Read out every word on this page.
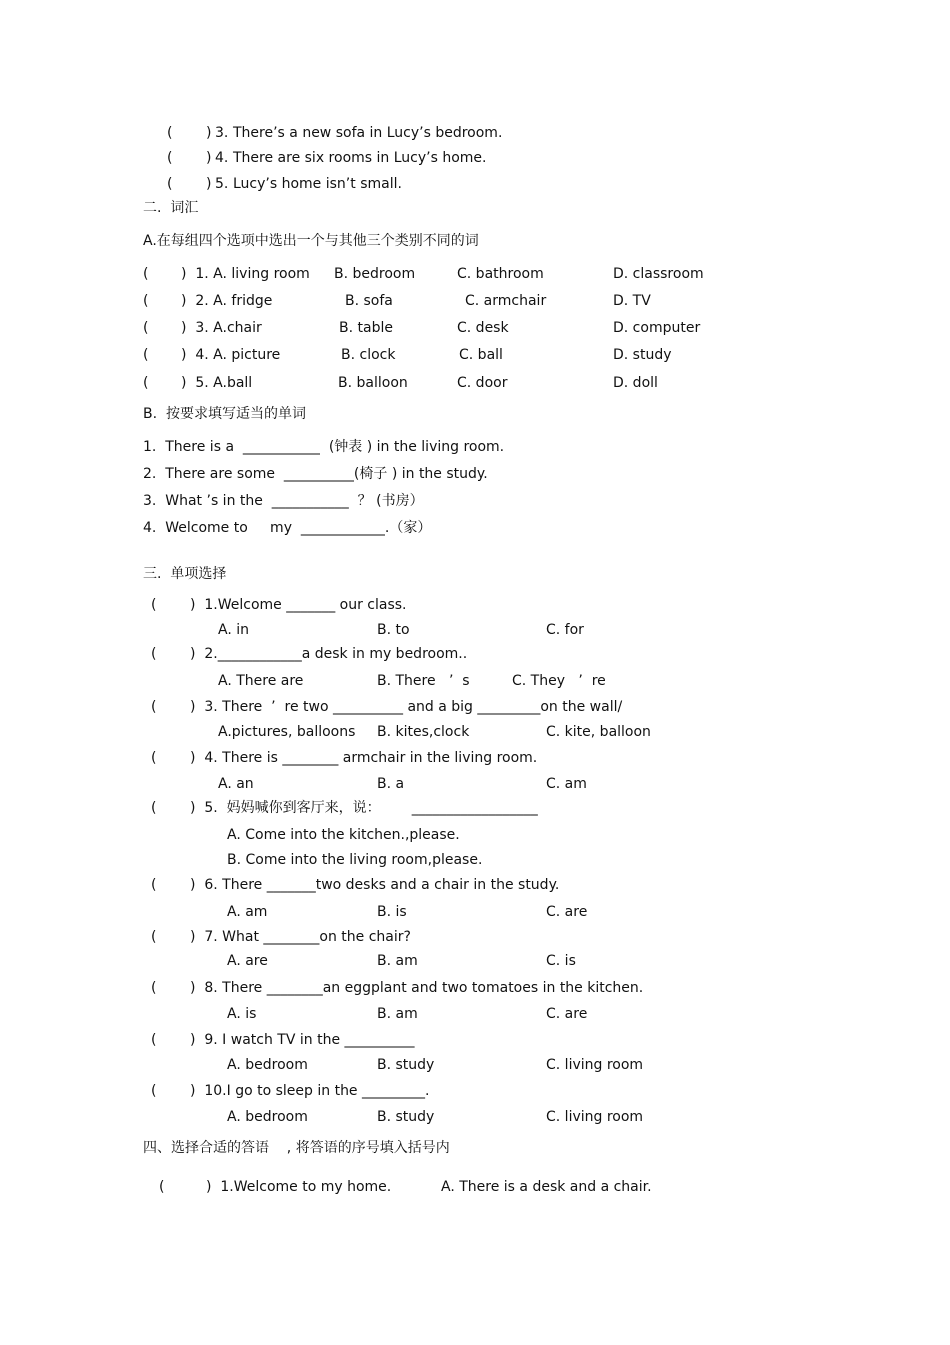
( ) 3. There’s a new sofa in Lucy’s bedroom.
( ) 4. There are six rooms in Lucy’s home.
( ) 5. Lucy’s home isn’t small.
二.  词汇
A.在每组四个选项中选出一个与其他三个类别不同的词
( )  1. A. living room B. bedroom	C. bathroom	D. classroom
( )  2. A. fridge	B. sofa	C. armchair	D. TV
( )  3. A.chair	B. table	C. desk	D. computer
( )  4. A. picture	B. clock	C. ball	D. study
( )  5. A.ball	B. balloon	C. door	D. doll
B.  按要求填写适当的单词
1.  There is a  ___________  (钟表 ) in the living room.
2.  There are some  __________(椅子 ) in the study.
3.  What ’s in the  ___________  ？ (书房）
4.  Welcome to     my  ____________.（家）
三.  单项选择
( )  1.Welcome _______ our class.
A. in	B. to	C. for
( )  2.____________a desk in my bedroom..
A. There are	B. There   ’  s	C. They   ’  re
( )  3. There  ’  re two __________ and a big _________on the wall/
A.pictures, balloons B. kites,clock	C. kite, balloon
( )  4. There is ________ armchair in the living room.
A. an	B. a	C. am
( )  5.  妈妈喊你到客厅来，说：       __________________
A. Come into the kitchen.,please.
B. Come into the living room,please.
( )  6. There _______two desks and a chair in the study.
A. am	B. is	C. are
( )  7. What ________on the chair?
A. are	B. am	C. is
( )  8. There ________an eggplant and two tomatoes in the kitchen.
A. is	B. am	C. are
( )  9. I watch TV in the __________
A. bedroom	B. study	C. living room
( )  10.I go to sleep in the _________.
A. bedroom	B. study	C. living room
四、选择合适的答语    , 将答语的序号填入括号内
(	)  1.Welcome to my home.	A. There is a desk and a chair.
